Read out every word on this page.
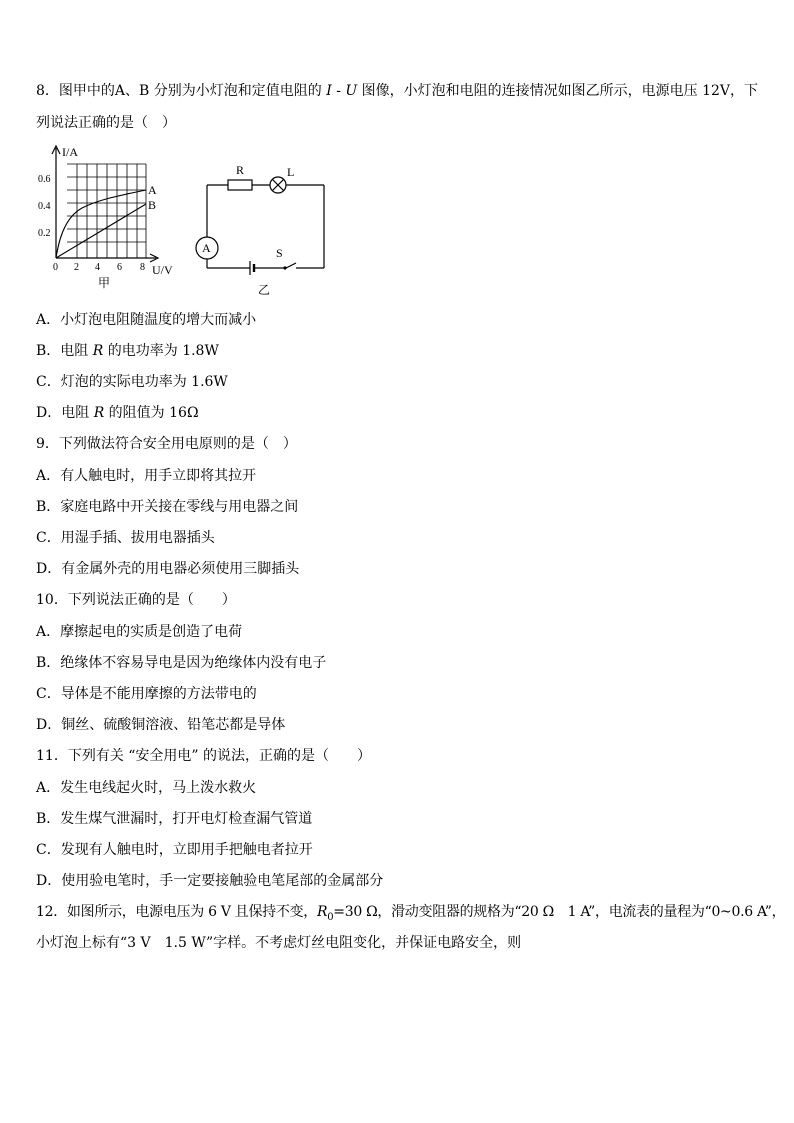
8．图甲中的A、B 分别为小灯泡和定值电阻的 I - U 图像，小灯泡和电阻的连接情况如图乙所示，电源电压 12V，下
列说法正确的是（　）
I/A
U/V
0.6
0.4
0.2
0 2 4 6 8
A
B
甲
R	L
A	S
乙
A．小灯泡电阻随温度的增大而减小
B．电阻 R 的电功率为 1.8W
C．灯泡的实际电功率为 1.6W
D．电阻 R 的阻值为 16Ω
9．下列做法符合安全用电原则的是（　）
A．有人触电时，用手立即将其拉开
B．家庭电路中开关接在零线与用电器之间
C．用湿手插、拔用电器插头
D．有金属外壳的用电器必须使用三脚插头
10．下列说法正确的是（　　）
A．摩擦起电的实质是创造了电荷
B．绝缘体不容易导电是因为绝缘体内没有电子
C．导体是不能用摩擦的方法带电的
D．铜丝、硫酸铜溶液、铅笔芯都是导体
11．下列有关 “安全用电” 的说法，正确的是（　　）
A．发生电线起火时，马上泼水救火
B．发生煤气泄漏时，打开电灯检查漏气管道
C．发现有人触电时，立即用手把触电者拉开
D．使用验电笔时，手一定要接触验电笔尾部的金属部分
12．如图所示，电源电压为 6 V 且保持不变，$R_0=30$ Ω，滑动变阻器的规格为“20 Ω　1 A”，电流表的量程为“0~0.6 A”，
小灯泡上标有“3 V　1.5 W”字样。不考虑灯丝电阻变化，并保证电路安全，则
